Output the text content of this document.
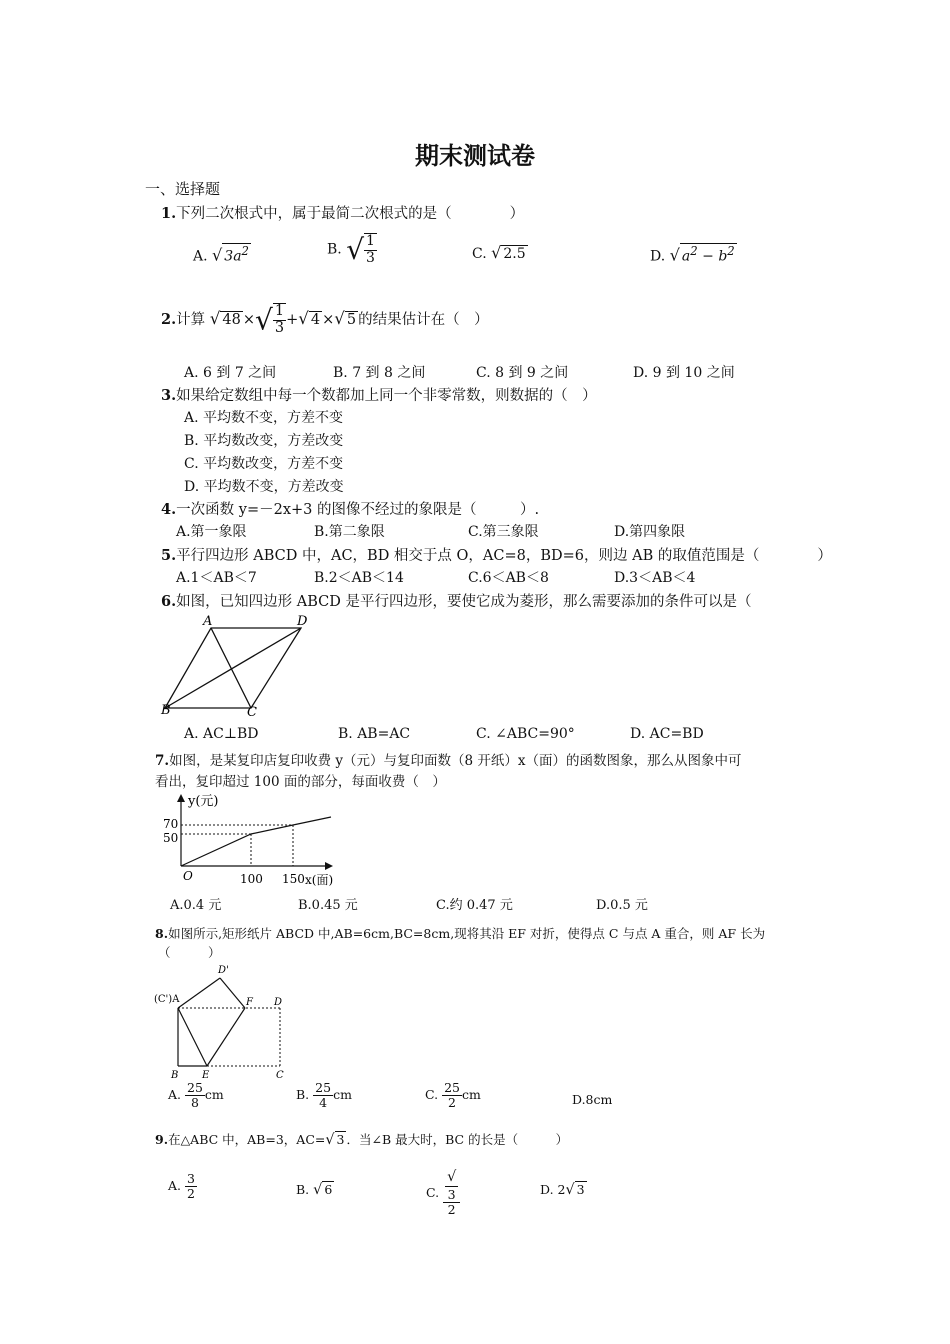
期末测试卷
一、选择题
1.下列二次根式中，属于最简二次根式的是（　　　　）
A. √ $3a^2$	B. √ $\frac{1}{3}$	C. √ 2.5	D. √ $a^2 - b^2$
2.计算 √ 48 ×√ $\frac{1}{3}$ +√ 4 ×√ 5 的结果估计在（　）
A. 6 到 7 之间	B. 7 到 8 之间	C. 8 到 9 之间	D. 9 到 10 之间
3.如果给定数组中每一个数都加上同一个非零常数，则数据的（　）
A. 平均数不变，方差不变
B. 平均数改变，方差改变
C. 平均数改变，方差不变
D. 平均数不变，方差改变
4.一次函数 y=－2x+3 的图像不经过的象限是（　　　）.
A.第一象限	B.第二象限	C.第三象限	D.第四象限
5.平行四边形 ABCD 中，AC，BD 相交于点 O，AC=8，BD=6，则边 AB 的取值范围是（　　　　）
A.1＜AB＜7	B.2＜AB＜14	C.6＜AB＜8	D.3＜AB＜4
6.如图，已知四边形 ABCD 是平行四边形，要使它成为菱形，那么需要添加的条件可以是（
A	D
B	C
A. AC⊥BD	B. AB=AC	C. ∠ABC=90°	D. AC=BD
7.如图，是某复印店复印收费 y（元）与复印面数（8 开纸）x（面）的函数图象，那么从图象中可
看出，复印超过 100 面的部分，每面收费（　）
y(元)
70
50
O	100 150 x(面)
A.0.4 元	B.0.45 元	C.约 0.47 元	D.0.5 元
8.如图所示,矩形纸片 ABCD 中,AB=6cm,BC=8cm,现将其沿 EF 对折，使得点 C 与点 A 重合，则 AF 长为
（　　　）
(C')A
D'
F D
B E	C
A. $\frac{25}{8}$ cm	B. $\frac{25}{4}$ cm	C. $\frac{25}{2}$ cm	D.8cm
9.在△ABC 中，AB=3，AC=√ 3 ．当∠B 最大时，BC 的长是（　　　）
A. $\frac{3}{2}$	B. √ 6	C. √
3
2	D. 2√ 3
